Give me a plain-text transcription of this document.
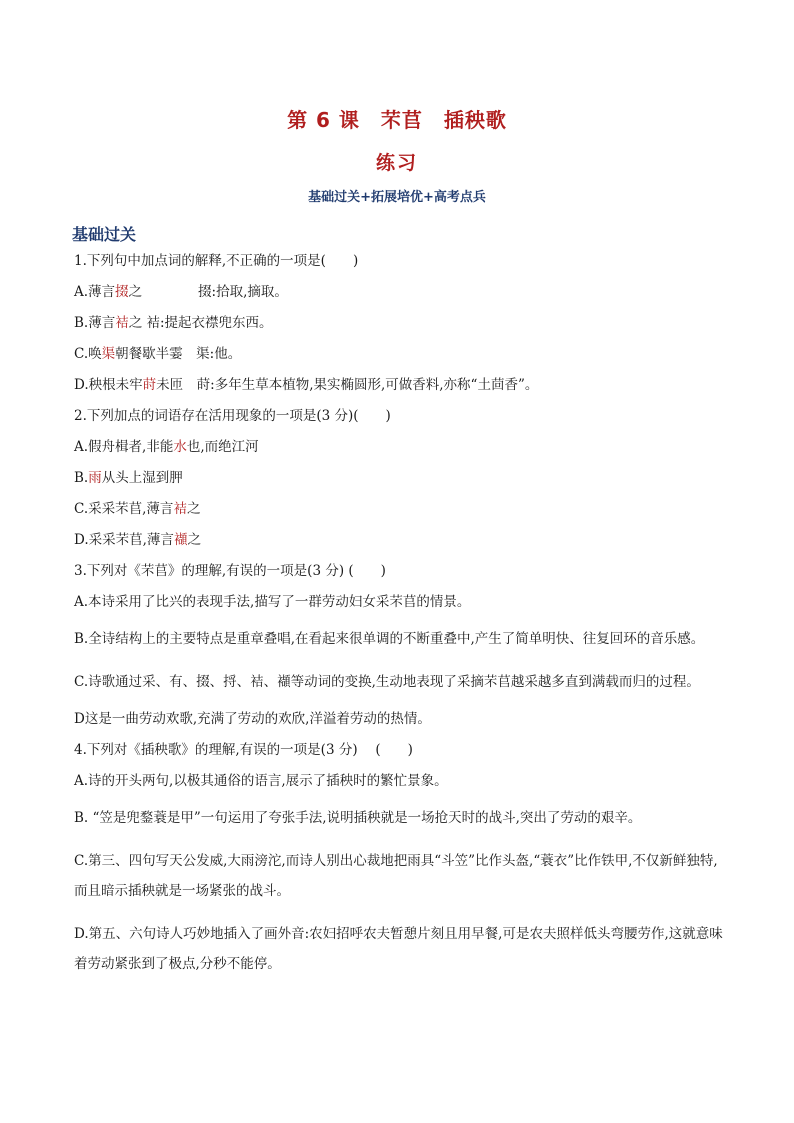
第 6 课　芣苢　插秧歌
练习
基础过关+拓展培优+高考点兵
基础过关
1.下列句中加点词的解释,不正确的一项是(　　)
A.薄言掇之	掇:拾取,摘取。
B.薄言袺之 袺:提起衣襟兜东西。
C.唤渠朝餐歇半霎　渠:他。
D.秧根未牢莳未匝　莳:多年生草本植物,果实椭圆形,可做香料,亦称“土茴香”。
2.下列加点的词语存在活用现象的一项是(3 分)(　　)
A.假舟楫者,非能水也,而绝江河
B.雨从头上湿到胛
C.采采芣苢,薄言袺之
D.采采芣苢,薄言襭之
3.下列对《芣苢》的理解,有误的一项是(3 分) (　　)
A.本诗采用了比兴的表现手法,描写了一群劳动妇女采芣苢的情景。
B.全诗结构上的主要特点是重章叠唱,在看起来很单调的不断重叠中,产生了简单明快、往复回环的音乐感。
C.诗歌通过采、有、掇、捋、袺、襭等动词的变换,生动地表现了采摘芣苢越采越多直到满载而归的过程。
D这是一曲劳动欢歌,充满了劳动的欢欣,洋溢着劳动的热情。
4.下列对《插秧歌》的理解,有误的一项是(3 分)　 (　　)
A.诗的开头两句,以极其通俗的语言,展示了插秧时的繁忙景象。
B. “笠是兜鍪蓑是甲”一句运用了夸张手法,说明插秧就是一场抢天时的战斗,突出了劳动的艰辛。
C.第三、四句写天公发威,大雨滂沱,而诗人别出心裁地把雨具“斗笠”比作头盔,“蓑衣”比作铁甲,不仅新鲜独特,而且暗示插秧就是一场紧张的战斗。
D.第五、六句诗人巧妙地插入了画外音:农妇招呼农夫暂憩片刻且用早餐,可是农夫照样低头弯腰劳作,这就意味着劳动紧张到了极点,分秒不能停。
